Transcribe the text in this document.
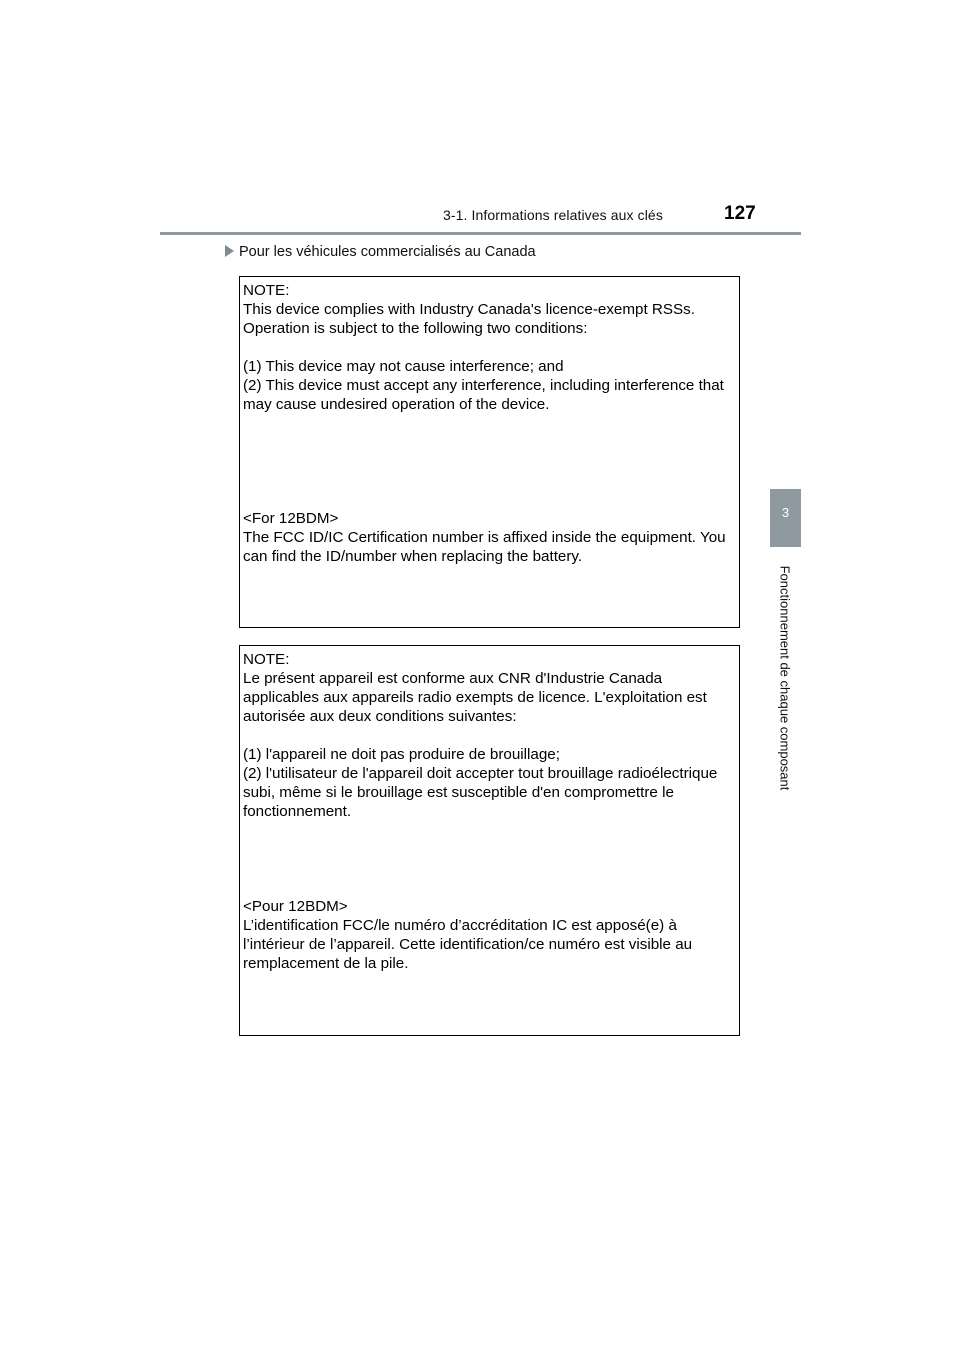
3-1. Informations relatives aux clés	127
3
Fonctionnement de chaque composant
Pour les véhicules commercialisés au Canada
NOTE:
This device complies with Industry Canada's licence-exempt RSSs.
Operation is subject to the following two conditions:
(1) This device may not cause interference; and
(2) This device must accept any interference, including interference that
may cause undesired operation of the device.
<For 12BDM>
The FCC ID/IC Certification number is affixed inside the equipment. You
can find the ID/number when replacing the battery.
NOTE:
Le présent appareil est conforme aux CNR d'Industrie Canada
applicables aux appareils radio exempts de licence. L'exploitation est
autorisée aux deux conditions suivantes:
(1) l'appareil ne doit pas produire de brouillage;
(2) l'utilisateur de l'appareil doit accepter tout brouillage radioélectrique
subi, même si le brouillage est susceptible d'en compromettre le
fonctionnement.
<Pour 12BDM>
L’identification FCC/le numéro d’accréditation IC est apposé(e) à
l’intérieur de l’appareil. Cette identification/ce numéro est visible au
remplacement de la pile.
